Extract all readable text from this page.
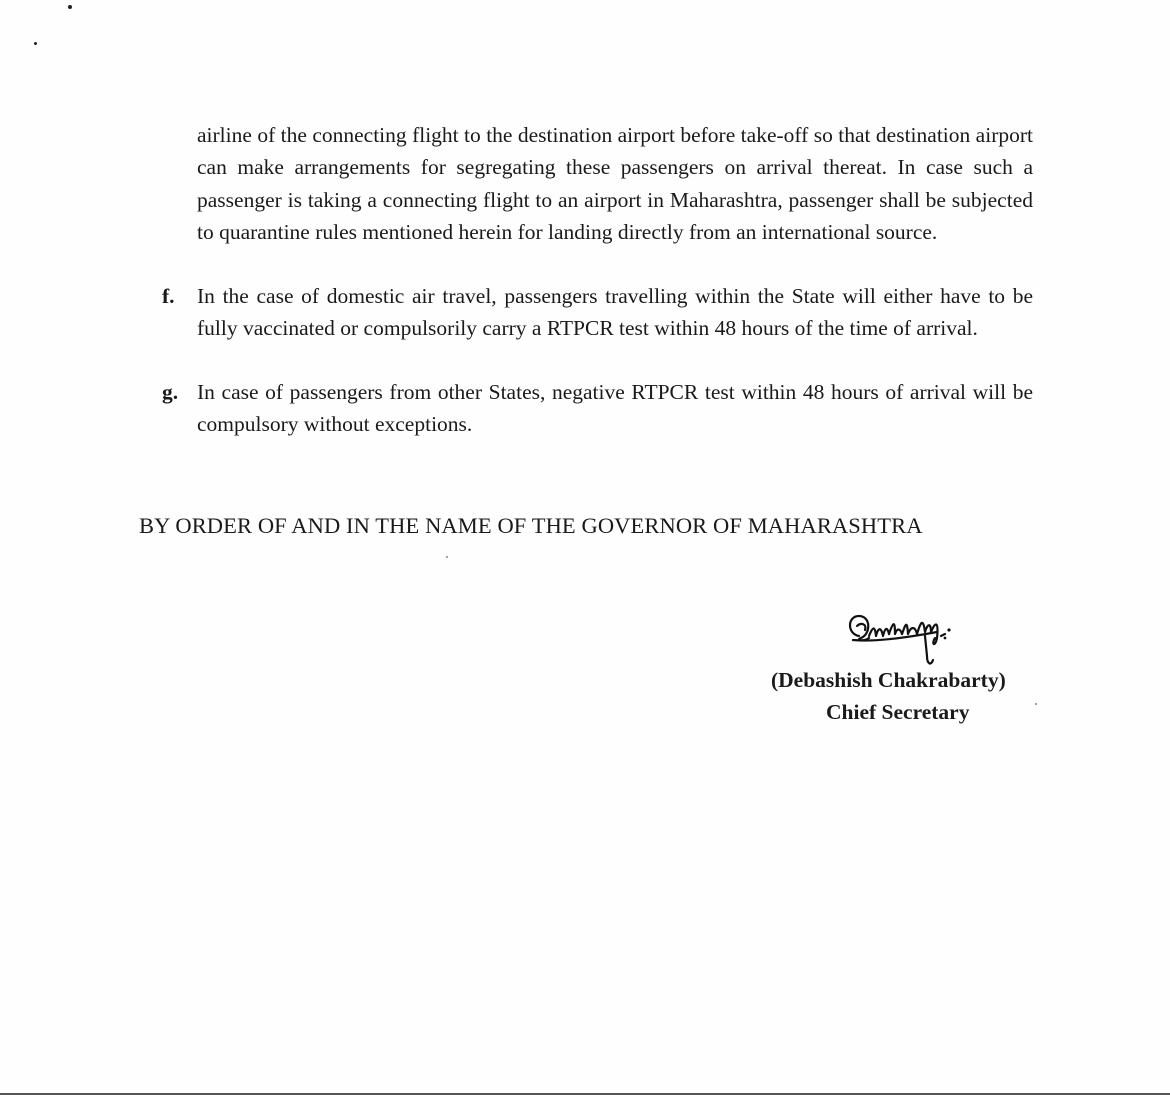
airline of the connecting flight to the destination airport before take-off so that destination airport can make arrangements for segregating these passengers on arrival thereat. In case such a passenger is taking a connecting flight to an airport in Maharashtra, passenger shall be subjected to quarantine rules mentioned herein for landing directly from an international source.
f. In the case of domestic air travel, passengers travelling within the State will either have to be fully vaccinated or compulsorily carry a RTPCR test within 48 hours of the time of arrival.
g. In case of passengers from other States, negative RTPCR test within 48 hours of arrival will be compulsory without exceptions.
BY ORDER OF AND IN THE NAME OF THE GOVERNOR OF MAHARASHTRA
(Debashish Chakrabarty)
Chief Secretary
